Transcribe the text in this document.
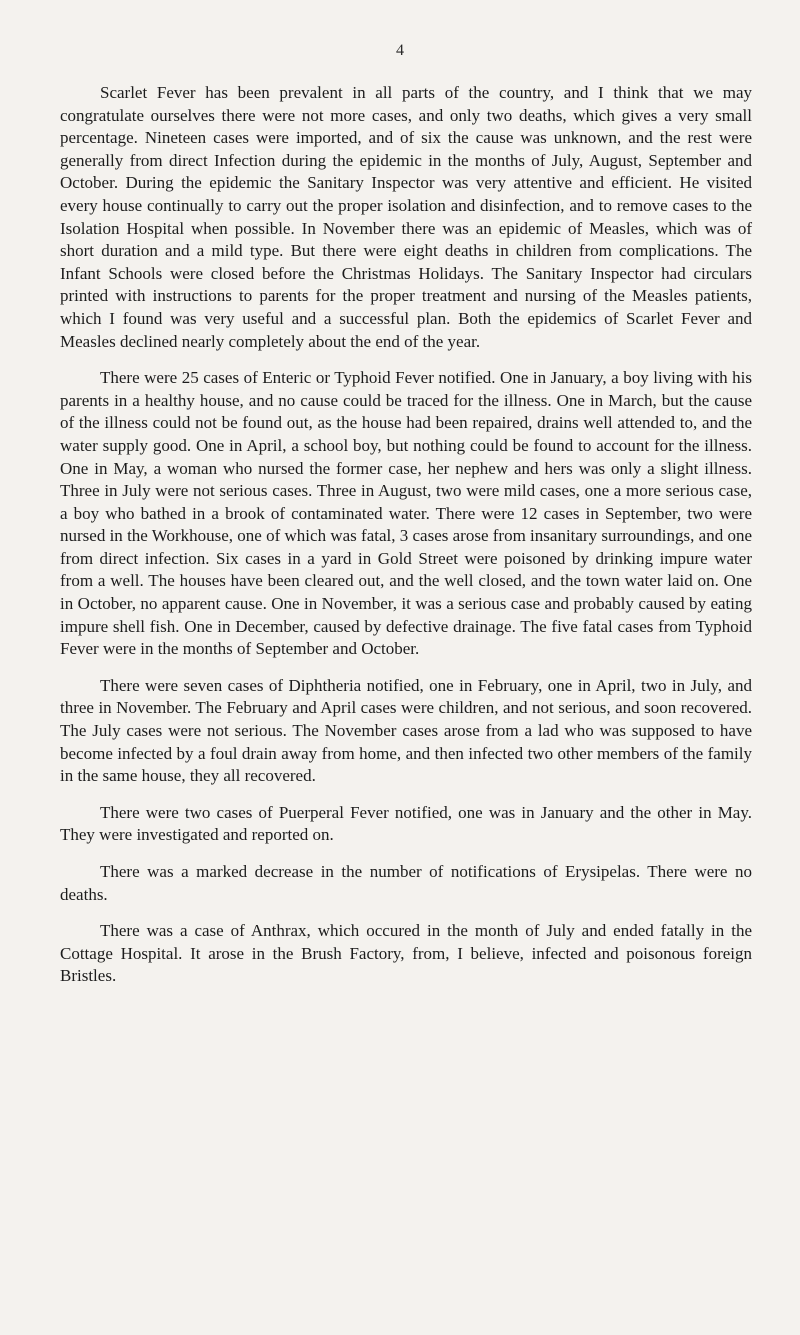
4

Scarlet Fever has been prevalent in all parts of the country, and I think that we may congratulate ourselves there were not more cases, and only two deaths, which gives a very small percentage. Nineteen cases were imported, and of six the cause was unknown, and the rest were generally from direct Infection during the epidemic in the months of July, August, September and October. During the epidemic the Sanitary Inspector was very attentive and efficient. He visited every house continually to carry out the proper isolation and disinfection, and to remove cases to the Isolation Hospital when possible. In November there was an epidemic of Measles, which was of short duration and a mild type. But there were eight deaths in children from complications. The Infant Schools were closed before the Christmas Holidays. The Sanitary Inspector had circulars printed with instructions to parents for the proper treatment and nursing of the Measles patients, which I found was very useful and a successful plan. Both the epidemics of Scarlet Fever and Measles declined nearly completely about the end of the year.

There were 25 cases of Enteric or Typhoid Fever notified. One in January, a boy living with his parents in a healthy house, and no cause could be traced for the illness. One in March, but the cause of the illness could not be found out, as the house had been repaired, drains well attended to, and the water supply good. One in April, a school boy, but nothing could be found to account for the illness. One in May, a woman who nursed the former case, her nephew and hers was only a slight illness. Three in July were not serious cases. Three in August, two were mild cases, one a more serious case, a boy who bathed in a brook of contaminated water. There were 12 cases in September, two were nursed in the Workhouse, one of which was fatal, 3 cases arose from insanitary surroundings, and one from direct infection. Six cases in a yard in Gold Street were poisoned by drinking impure water from a well. The houses have been cleared out, and the well closed, and the town water laid on. One in October, no apparent cause. One in November, it was a serious case and probably caused by eating impure shell fish. One in December, caused by defective drainage. The five fatal cases from Typhoid Fever were in the months of September and October.

There were seven cases of Diphtheria notified, one in February, one in April, two in July, and three in November. The February and April cases were children, and not serious, and soon recovered. The July cases were not serious. The November cases arose from a lad who was supposed to have become infected by a foul drain away from home, and then infected two other members of the family in the same house, they all recovered.

There were two cases of Puerperal Fever notified, one was in January and the other in May. They were investigated and reported on.

There was a marked decrease in the number of notifications of Erysipelas. There were no deaths.

There was a case of Anthrax, which occured in the month of July and ended fatally in the Cottage Hospital. It arose in the Brush Factory, from, I believe, infected and poisonous foreign Bristles.
